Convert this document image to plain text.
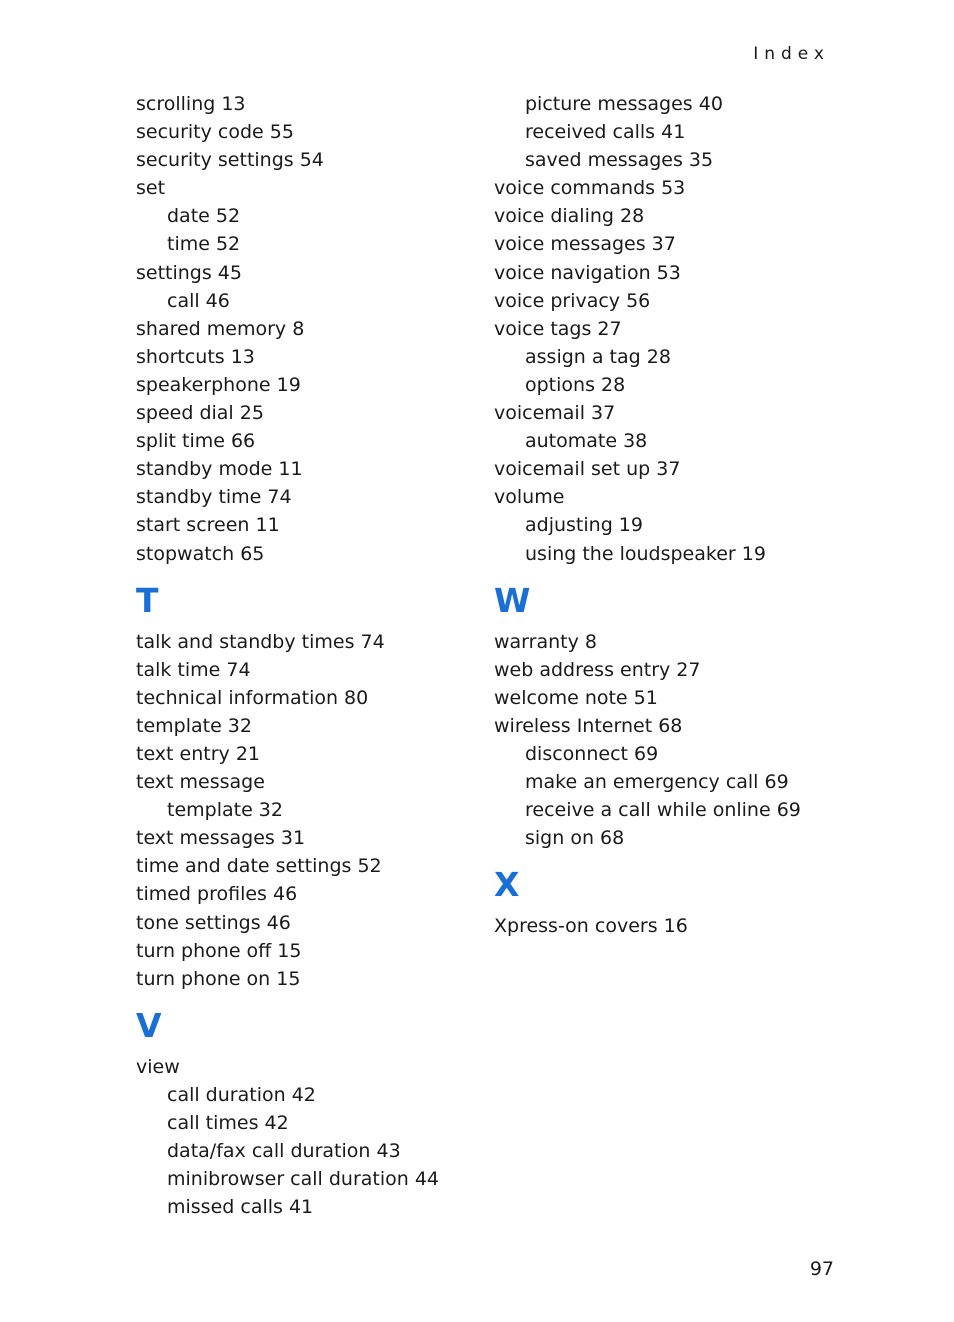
Index
scrolling 13
security code 55
security settings 54
set
date 52
time 52
settings 45
call 46
shared memory 8
shortcuts 13
speakerphone 19
speed dial 25
split time 66
standby mode 11
standby time 74
start screen 11
stopwatch 65
T
talk and standby times 74
talk time 74
technical information 80
template 32
text entry 21
text message
template 32
text messages 31
time and date settings 52
timed profiles 46
tone settings 46
turn phone off 15
turn phone on 15
V
view
call duration 42
call times 42
data/fax call duration 43
minibrowser call duration 44
missed calls 41
picture messages 40
received calls 41
saved messages 35
voice commands 53
voice dialing 28
voice messages 37
voice navigation 53
voice privacy 56
voice tags 27
assign a tag 28
options 28
voicemail 37
automate 38
voicemail set up 37
volume
adjusting 19
using the loudspeaker 19
W
warranty 8
web address entry 27
welcome note 51
wireless Internet 68
disconnect 69
make an emergency call 69
receive a call while online 69
sign on 68
X
Xpress-on covers 16
97
